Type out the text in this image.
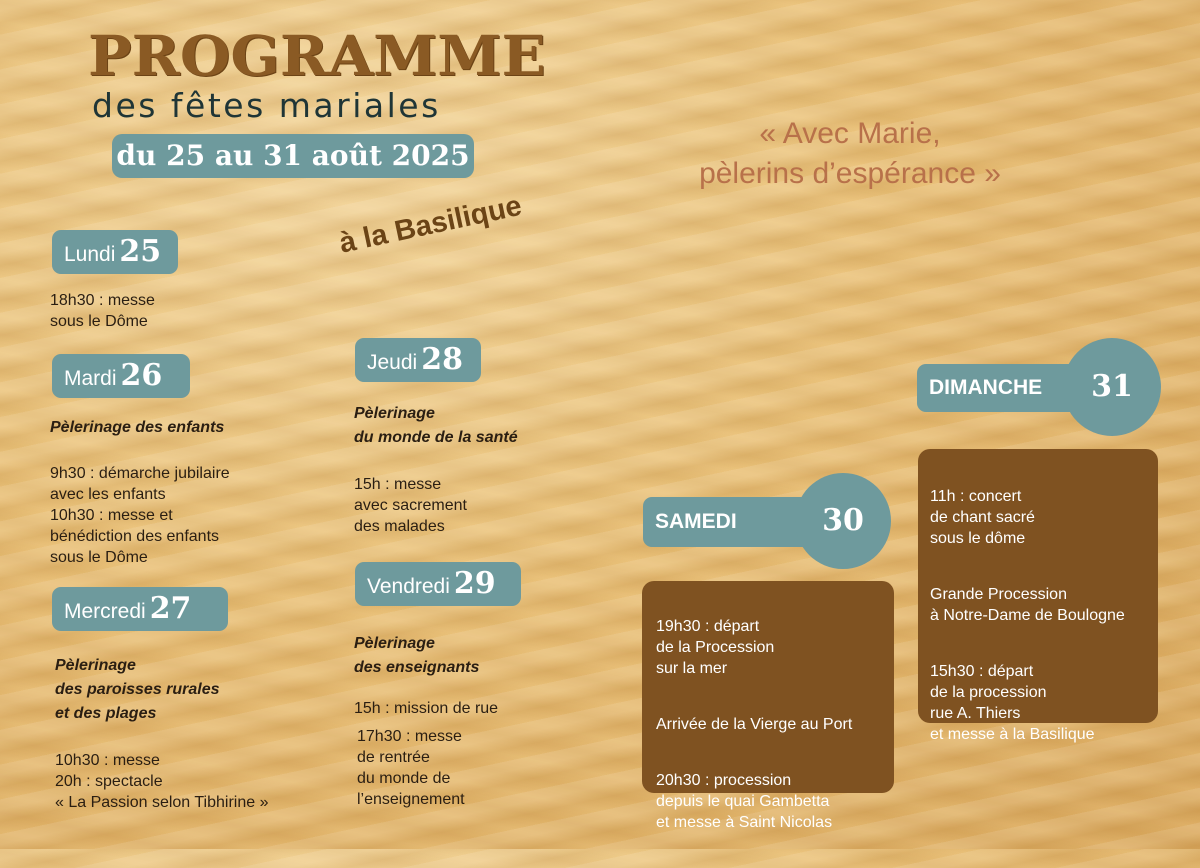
PROGRAMME
des fêtes mariales
du 25 au 31 août 2025
« Avec Marie,
pèlerins d’espérance »
à la Basilique
Lundi 25
18h30 : messe
sous le Dôme
Mardi 26
Pèlerinage des enfants
9h30 : démarche jubilaire
avec les enfants
10h30 : messe et
bénédiction des enfants
sous le Dôme
Mercredi 27
Pèlerinage
des paroisses rurales
et des plages
10h30 : messe
20h : spectacle
« La Passion selon Tibhirine »
Jeudi 28
Pèlerinage
du monde de la santé
15h : messe
avec sacrement
des malades
Vendredi 29
Pèlerinage
des enseignants
15h : mission de rue
17h30 : messe
de rentrée
du monde de
l’enseignement
SAMEDI	30

19h30 : départ
de la Procession
sur la mer

Arrivée de la Vierge au Port

20h30 : procession
depuis le quai Gambetta
et messe à Saint Nicolas

DIMANCHE	31

11h : concert
de chant sacré
sous le dôme

Grande Procession
à Notre-Dame de Boulogne

15h30 : départ
de la procession
rue A. Thiers
et messe à la Basilique
